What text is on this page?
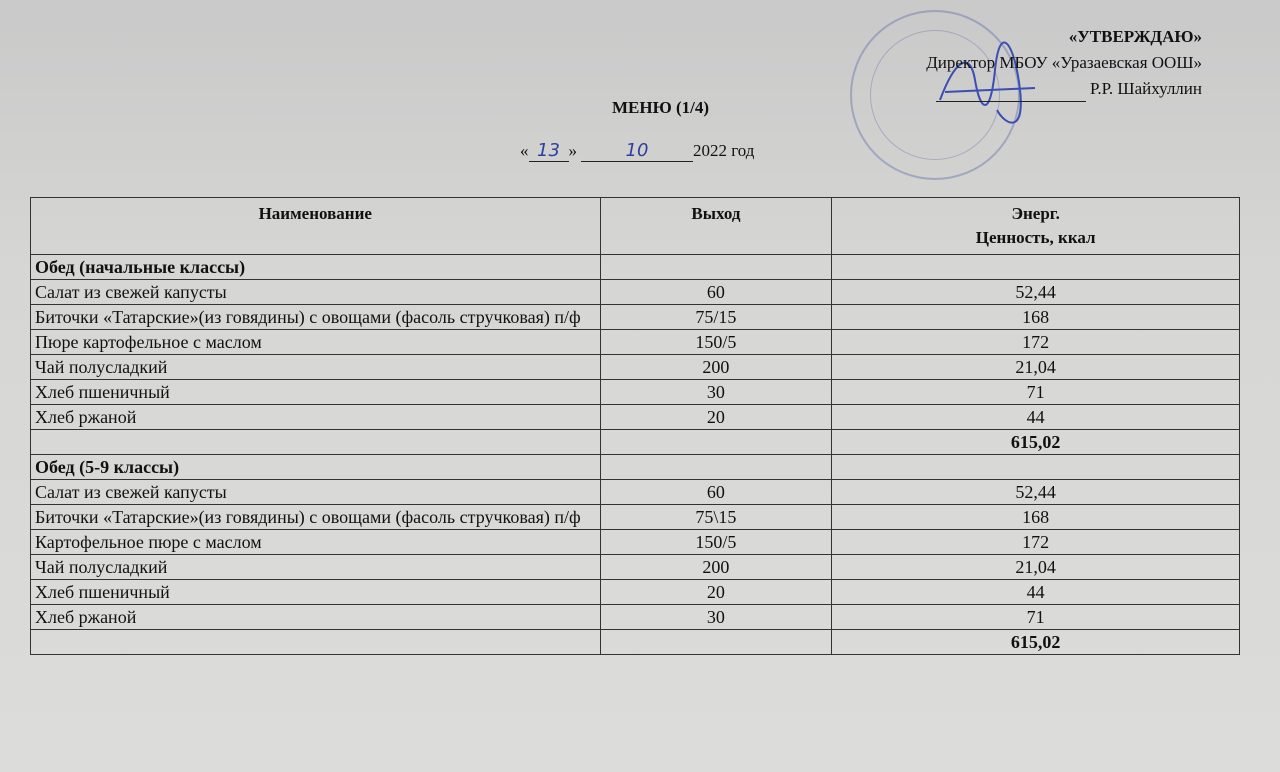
«УТВЕРЖДАЮ»
Директор МБОУ «Уразаевская ООШ»
Р.Р. Шайхуллин
МЕНЮ (1/4)
« 13 »	10	2022 год
Наименование	Выход	Энерг.
Ценность, ккал

Обед (начальные классы)		
Салат из свежей капусты	60	52,44
Биточки «Татарские»(из говядины) с овощами (фасоль стручковая) п/ф	75/15	168
Пюре картофельное с маслом	150/5	172
Чай полусладкий	200	21,04
Хлеб пшеничный	30	71
Хлеб ржаной	20	44
		615,02
Обед (5-9 классы)		
Салат из свежей капусты	60	52,44
Биточки «Татарские»(из говядины) с овощами (фасоль стручковая) п/ф	75\15	168
Картофельное пюре с маслом	150/5	172
Чай полусладкий	200	21,04
Хлеб пшеничный	20	44
Хлеб ржаной	30	71
		615,02
